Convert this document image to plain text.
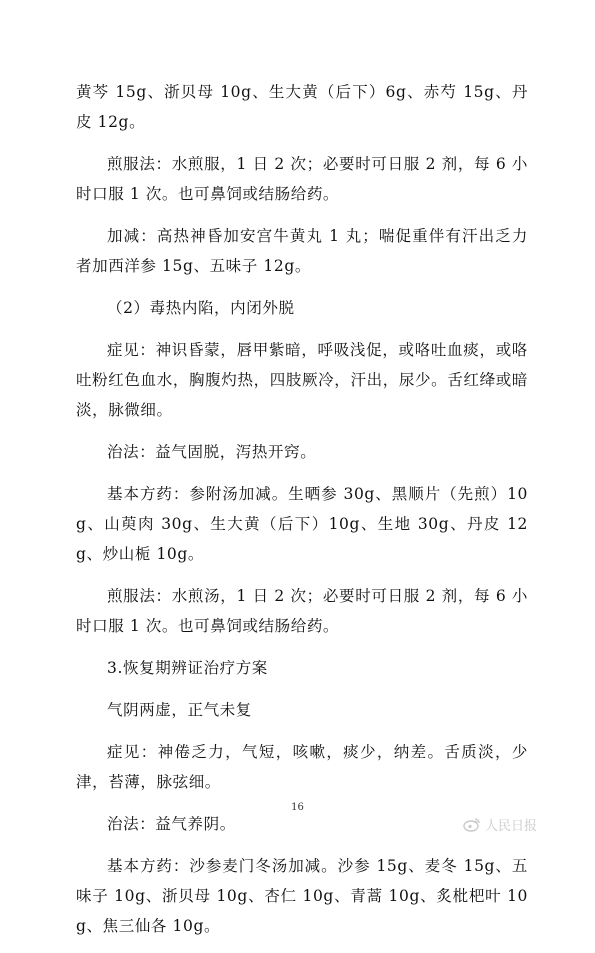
黄芩 15g、浙贝母 10g、生大黄（后下）6g、赤芍 15g、丹皮 12g。

煎服法：水煎服，1 日 2 次；必要时可日服 2 剂，每 6 小时口服 1 次。也可鼻饲或结肠给药。

加减：高热神昏加安宫牛黄丸 1 丸；喘促重伴有汗出乏力者加西洋参 15g、五味子 12g。

（2）毒热内陷，内闭外脱

症见：神识昏蒙，唇甲紫暗，呼吸浅促，或咯吐血痰，或咯吐粉红色血水，胸腹灼热，四肢厥冷，汗出，尿少。舌红绛或暗淡，脉微细。

治法：益气固脱，泻热开窍。

基本方药：参附汤加减。生晒参 30g、黑顺片（先煎）10g、山萸肉 30g、生大黄（后下）10g、生地 30g、丹皮 12g、炒山栀 10g。

煎服法：水煎汤，1 日 2 次；必要时可日服 2 剂，每 6 小时口服 1 次。也可鼻饲或结肠给药。

3.恢复期辨证治疗方案

气阴两虚，正气未复

症见：神倦乏力，气短，咳嗽，痰少，纳差。舌质淡，少津，苔薄，脉弦细。

治法：益气养阴。

基本方药：沙参麦门冬汤加减。沙参 15g、麦冬 15g、五味子 10g、浙贝母 10g、杏仁 10g、青蒿 10g、炙枇杷叶 10g、焦三仙各 10g。

16
人民日报
